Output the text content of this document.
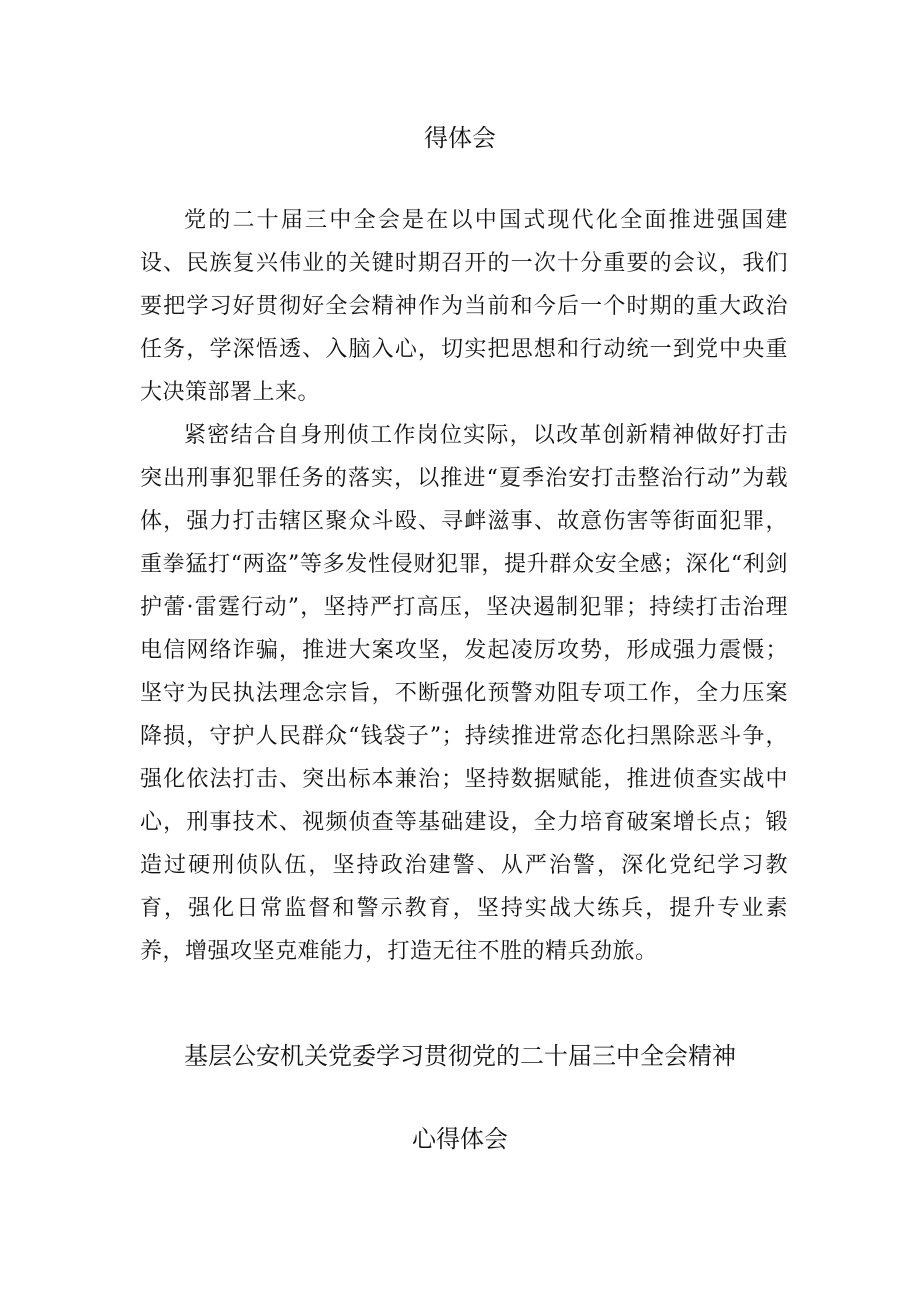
得体会

党的二十届三中全会是在以中国式现代化全面推进强国建设、民族复兴伟业的关键时期召开的一次十分重要的会议，我们要把学习好贯彻好全会精神作为当前和今后一个时期的重大政治任务，学深悟透、入脑入心，切实把思想和行动统一到党中央重大决策部署上来。

紧密结合自身刑侦工作岗位实际，以改革创新精神做好打击突出刑事犯罪任务的落实，以推进“夏季治安打击整治行动”为载体，强力打击辖区聚众斗殴、寻衅滋事、故意伤害等街面犯罪，重拳猛打“两盗”等多发性侵财犯罪，提升群众安全感；深化“利剑护蕾·雷霆行动”，坚持严打高压，坚决遏制犯罪；持续打击治理电信网络诈骗，推进大案攻坚，发起凌厉攻势，形成强力震慑；坚守为民执法理念宗旨，不断强化预警劝阻专项工作，全力压案降损，守护人民群众“钱袋子”；持续推进常态化扫黑除恶斗争，强化依法打击、突出标本兼治；坚持数据赋能，推进侦查实战中心，刑事技术、视频侦查等基础建设，全力培育破案增长点；锻造过硬刑侦队伍，坚持政治建警、从严治警，深化党纪学习教育，强化日常监督和警示教育，坚持实战大练兵，提升专业素养，增强攻坚克难能力，打造无往不胜的精兵劲旅。

基层公安机关党委学习贯彻党的二十届三中全会精神
心得体会
